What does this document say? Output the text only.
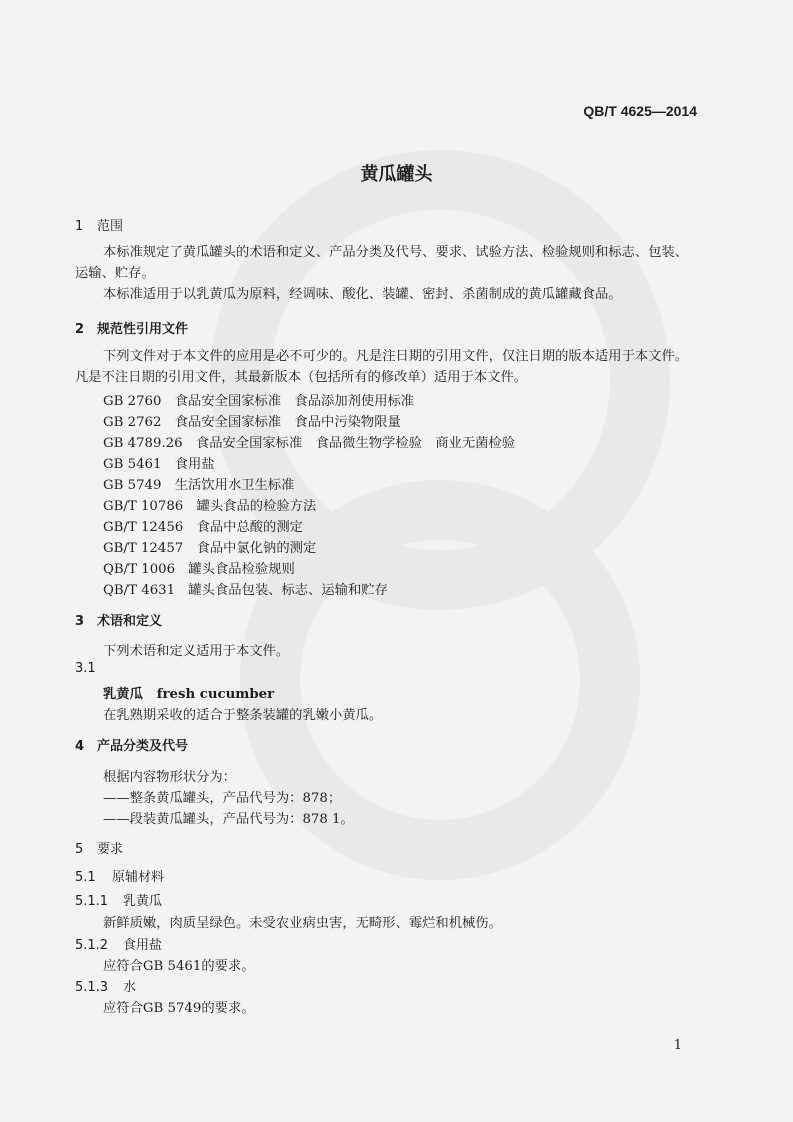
QB/T 4625—2014
黄瓜罐头
1 范围
本标准规定了黄瓜罐头的术语和定义、产品分类及代号、要求、试验方法、检验规则和标志、包装、运输、贮存。
本标准适用于以乳黄瓜为原料，经调味、酸化、装罐、密封、杀菌制成的黄瓜罐藏食品。
2 规范性引用文件
下列文件对于本文件的应用是必不可少的。凡是注日期的引用文件，仅注日期的版本适用于本文件。凡是不注日期的引用文件，其最新版本（包括所有的修改单）适用于本文件。
GB 2760　食品安全国家标准　食品添加剂使用标准
GB 2762　食品安全国家标准　食品中污染物限量
GB 4789.26　食品安全国家标准　食品微生物学检验　商业无菌检验
GB 5461　食用盐
GB 5749　生活饮用水卫生标准
GB/T 10786　罐头食品的检验方法
GB/T 12456　食品中总酸的测定
GB/T 12457　食品中氯化钠的测定
QB/T 1006　罐头食品检验规则
QB/T 4631　罐头食品包装、标志、运输和贮存
3 术语和定义
下列术语和定义适用于本文件。
3.1
乳黄瓜 fresh cucumber
在乳熟期采收的适合于整条装罐的乳嫩小黄瓜。
4 产品分类及代号
根据内容物形状分为：
——整条黄瓜罐头，产品代号为：878；
——段装黄瓜罐头，产品代号为：878 1。
5 要求
5.1 原辅材料
5.1.1 乳黄瓜
新鲜质嫩，肉质呈绿色。未受农业病虫害，无畸形、霉烂和机械伤。
5.1.2 食用盐
应符合GB 5461的要求。
5.1.3 水
应符合GB 5749的要求。
1
